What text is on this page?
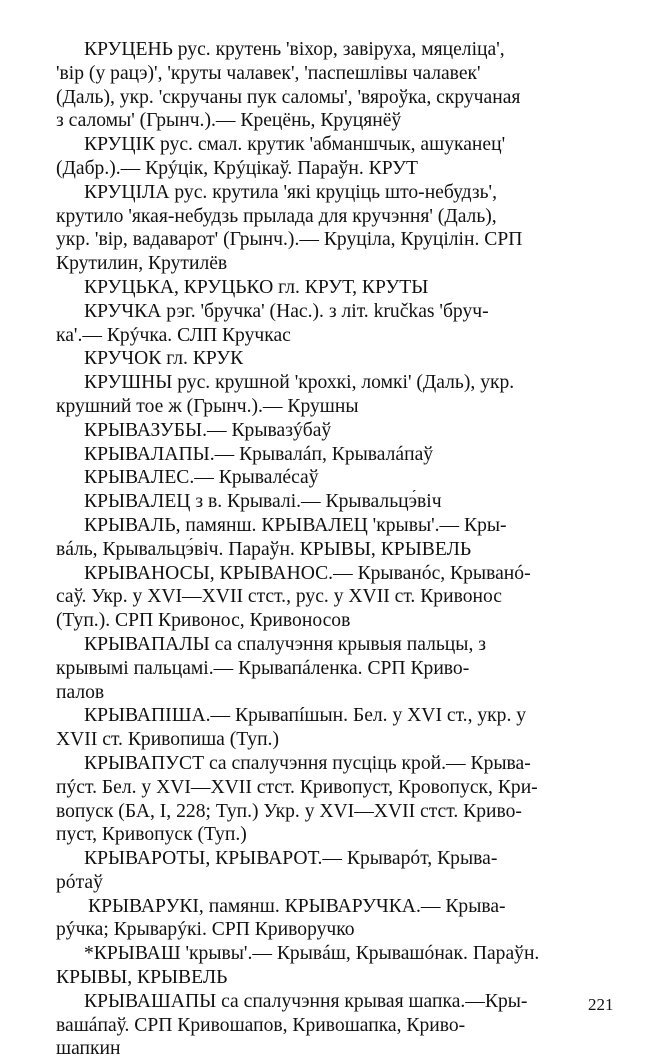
КРУЦЕНЬ рус. крутень 'віхор, завіруха, мяцеліца',
'вір (у рацэ)', 'круты чалавек', 'паспешлівы чалавек'
(Даль), укр. 'скручаны пук саломы', 'вяроўка, скручаная
з саломы' (Грынч.).— Крецёнь, Круцянёў
КРУЦІК рус. смал. крутик 'абманшчык, ашуканец'
(Дабр.).— Крýцік, Крýцікаў. Параўн. КРУТ
КРУЦІЛА рус. крутила 'які круціць што-небудзь',
крутило 'якая-небудзь прылада для кручэння' (Даль),
укр. 'вір, вадаварот' (Грынч.).— Круціла, Круцілін. СРП
Крутилин, Крутилёв
КРУЦЬКА, КРУЦЬКО гл. КРУТ, КРУТЫ
КРУЧКА рэг. 'бручка' (Нас.). з літ. kručkas 'бруч-
ка'.— Крýчка. СЛП Кручкас
КРУЧОК гл. КРУК
КРУШНЫ рус. крушной 'крохкі, ломкі' (Даль), укр.
крушний тое ж (Грынч.).— Крушны
КРЫВАЗУБЫ.— Крывазýбаў
КРЫВАЛАПЫ.— Крывалáп, Крывалáпаў
КРЫВАЛЕС.— Крывалéсаў
КРЫВАЛЕЦ з в. Крывалі.— Крывальцэ́віч
КРЫВАЛЬ, памянш. КРЫВАЛЕЦ 'крывы'.— Кры-
вáль, Крывальцэ́віч. Параўн. КРЫВЫ, КРЫВЕЛЬ
КРЫВАНОСЫ, КРЫВАНОС.— Крыванóс, Крыванó-
саў. Укр. у XVI—XVII стст., рус. у XVII ст. Кривонос
(Туп.). СРП Кривонос, Кривоносов
КРЫВАПАЛЫ са спалучэння крывыя пальцы, з
крывымі пальцамі.— Крывапáленка. СРП Криво-
палов
КРЫВАПІША.— Крывапíшын. Бел. у XVI ст., укр. у
XVII ст. Кривопиша (Туп.)
КРЫВАПУСТ са спалучэння пусціць крой.— Крыва-
пýст. Бел. у XVI—XVII стст. Кривопуст, Кровопуск, Кри-
вопуск (БА, I, 228; Туп.) Укр. у XVI—XVII стст. Криво-
пуст, Кривопуск (Туп.)
КРЫВАРОТЫ, КРЫВАРОТ.— Крыварóт, Крыва-
рóтаў
КРЫВАРУКІ, памянш. КРЫВАРУЧКА.— Крыва-
рýчка; Крыварýкі. СРП Криворучко
*КРЫВАШ 'крывы'.— Крывáш, Крывашóнак. Параўн.
КРЫВЫ, КРЫВЕЛЬ
КРЫВАШАПЫ са спалучэння крывая шапка.—Кры-
вашáпаў. СРП Кривошапов, Кривошапка, Криво-
шапкин
221
